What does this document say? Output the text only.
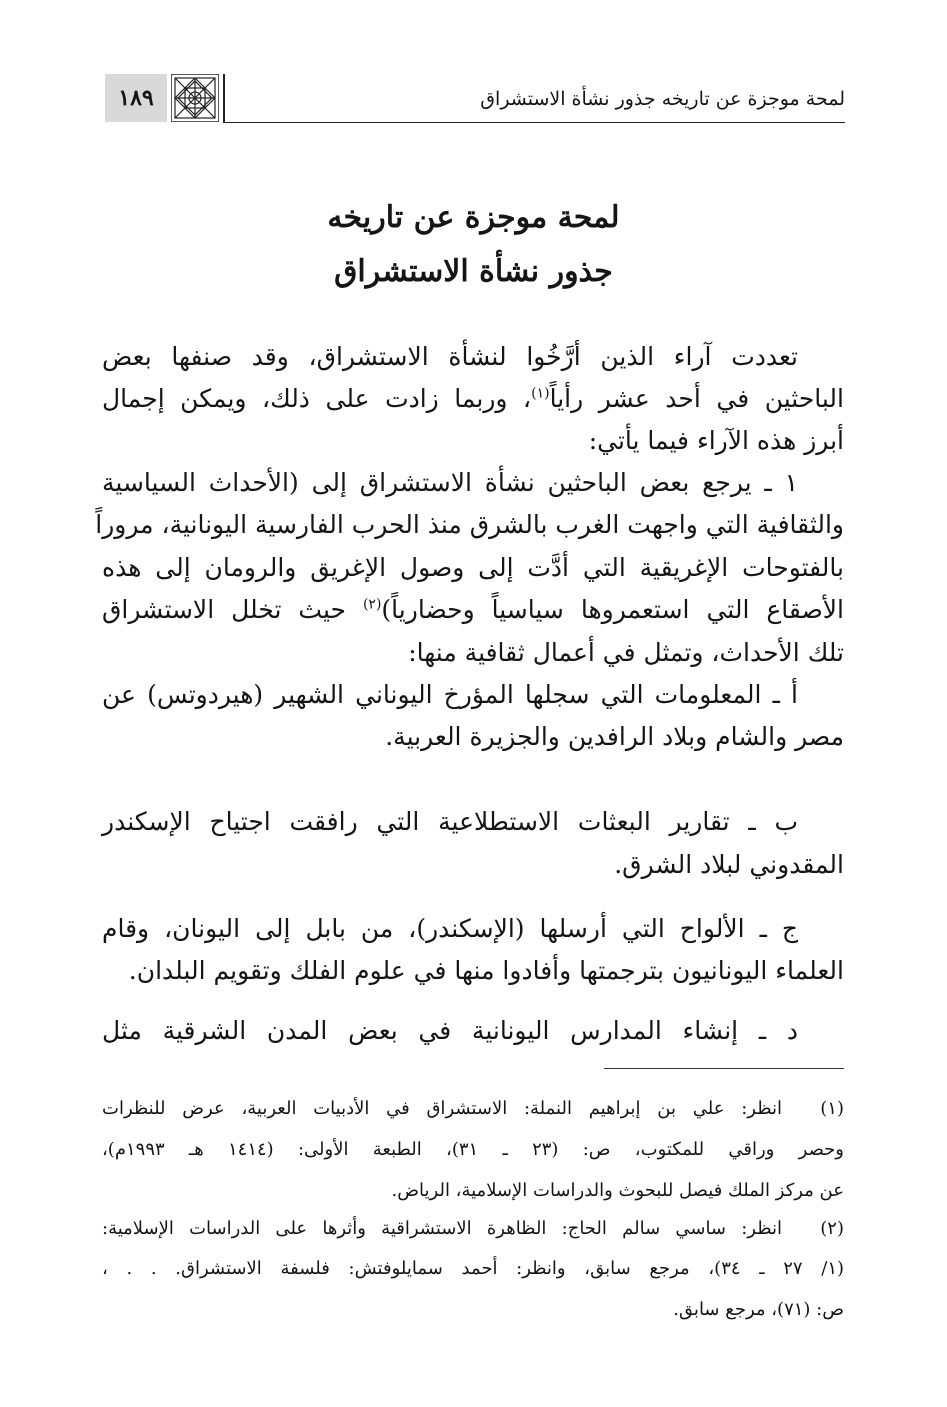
لمحة موجزة عن تاريخه جذور نشأة الاستشراق
١٨٩
لمحة موجزة عن تاريخه
جذور نشأة الاستشراق
تعددت آراء الذين أرَّخُوا لنشأة الاستشراق، وقد صنفها بعض
الباحثين في أحد عشر رأياً$^{(١)}$، وربما زادت على ذلك، ويمكن إجمال
أبرز هذه الآراء فيما يأتي:
١ ـ يرجع بعض الباحثين نشأة الاستشراق إلى (الأحداث السياسية
والثقافية التي واجهت الغرب بالشرق منذ الحرب الفارسية اليونانية، مروراً
بالفتوحات الإغريقية التي أدَّت إلى وصول الإغريق والرومان إلى هذه
الأصقاع التي استعمروها سياسياً وحضارياً)$^{(٢)}$ حيث تخلل الاستشراق
تلك الأحداث، وتمثل في أعمال ثقافية منها:
أ ـ المعلومات التي سجلها المؤرخ اليوناني الشهير (هيردوتس) عن
مصر والشام وبلاد الرافدين والجزيرة العربية.
ب ـ تقارير البعثات الاستطلاعية التي رافقت اجتياح الإسكندر
المقدوني لبلاد الشرق.
ج ـ الألواح التي أرسلها (الإسكندر)، من بابل إلى اليونان، وقام
العلماء اليونانيون بترجمتها وأفادوا منها في علوم الفلك وتقويم البلدان.
د ـ إنشاء المدارس اليونانية في بعض المدن الشرقية مثل
(١)
انظر: علي بن إبراهيم النملة: الاستشراق في الأدبيات العربية، عرض للنظرات
وحصر وراقي للمكتوب، ص: (٢٣ ـ ٣١)، الطبعة الأولى: (١٤١٤ هـ ١٩٩٣م)،
عن مركز الملك فيصل للبحوث والدراسات الإسلامية، الرياض.
(٢)
انظر: ساسي سالم الحاج: الظاهرة الاستشراقية وأثرها على الدراسات الإسلامية:
(١/ ٢٧ ـ ٣٤)، مرجع سابق، وانظر: أحمد سمايلوفتش: فلسفة الاستشراق. . . ،
ص: (٧١)، مرجع سابق.
